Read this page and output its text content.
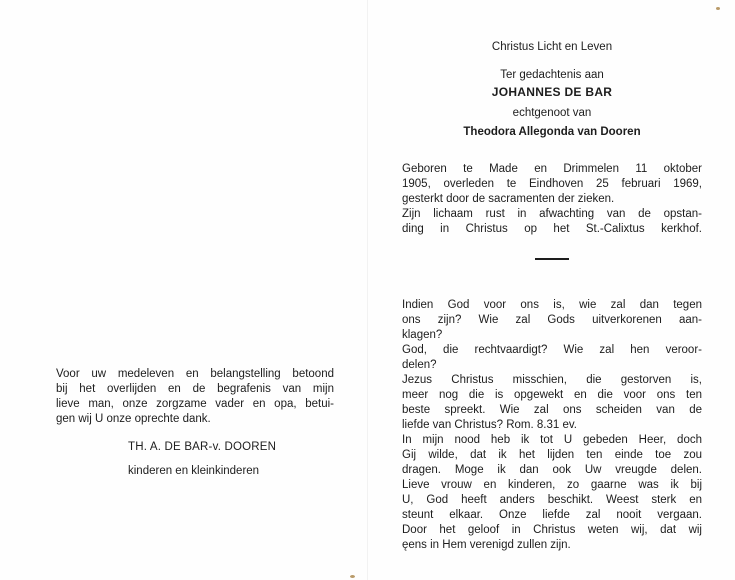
Christus Licht en Leven
Ter gedachtenis aan
JOHANNES DE BAR
echtgenoot van
Theodora Allegonda van Dooren
Geboren te Made en Drimmelen 11 oktober
1905, overleden te Eindhoven 25 februari 1969,
gesterkt door de sacramenten der zieken.
Zijn lichaam rust in afwachting van de opstan-
ding in Christus op het St.-Calixtus kerkhof.
Indien God voor ons is, wie zal dan tegen
ons zijn? Wie zal Gods uitverkorenen aan-
klagen?
God, die rechtvaardigt? Wie zal hen veroor-
delen?
Jezus Christus misschien, die gestorven is,
meer nog die is opgewekt en die voor ons ten
beste spreekt. Wie zal ons scheiden van de
liefde van Christus? Rom. 8.31 ev.
In mijn nood heb ik tot U gebeden Heer, doch
Gij wilde, dat ik het lijden ten einde toe zou
dragen. Moge ik dan ook Uw vreugde delen.
Lieve vrouw en kinderen, zo gaarne was ik bij
U, God heeft anders beschikt. Weest sterk en
steunt elkaar. Onze liefde zal nooit vergaan.
Door het geloof in Christus weten wij, dat wij
ęens in Hem verenigd zullen zijn.
Voor uw medeleven en belangstelling betoond
bij het overlijden en de begrafenis van mijn
lieve man, onze zorgzame vader en opa, betui-
gen wij U onze oprechte dank.
TH. A. DE BAR-v. DOOREN
kinderen en kleinkinderen
